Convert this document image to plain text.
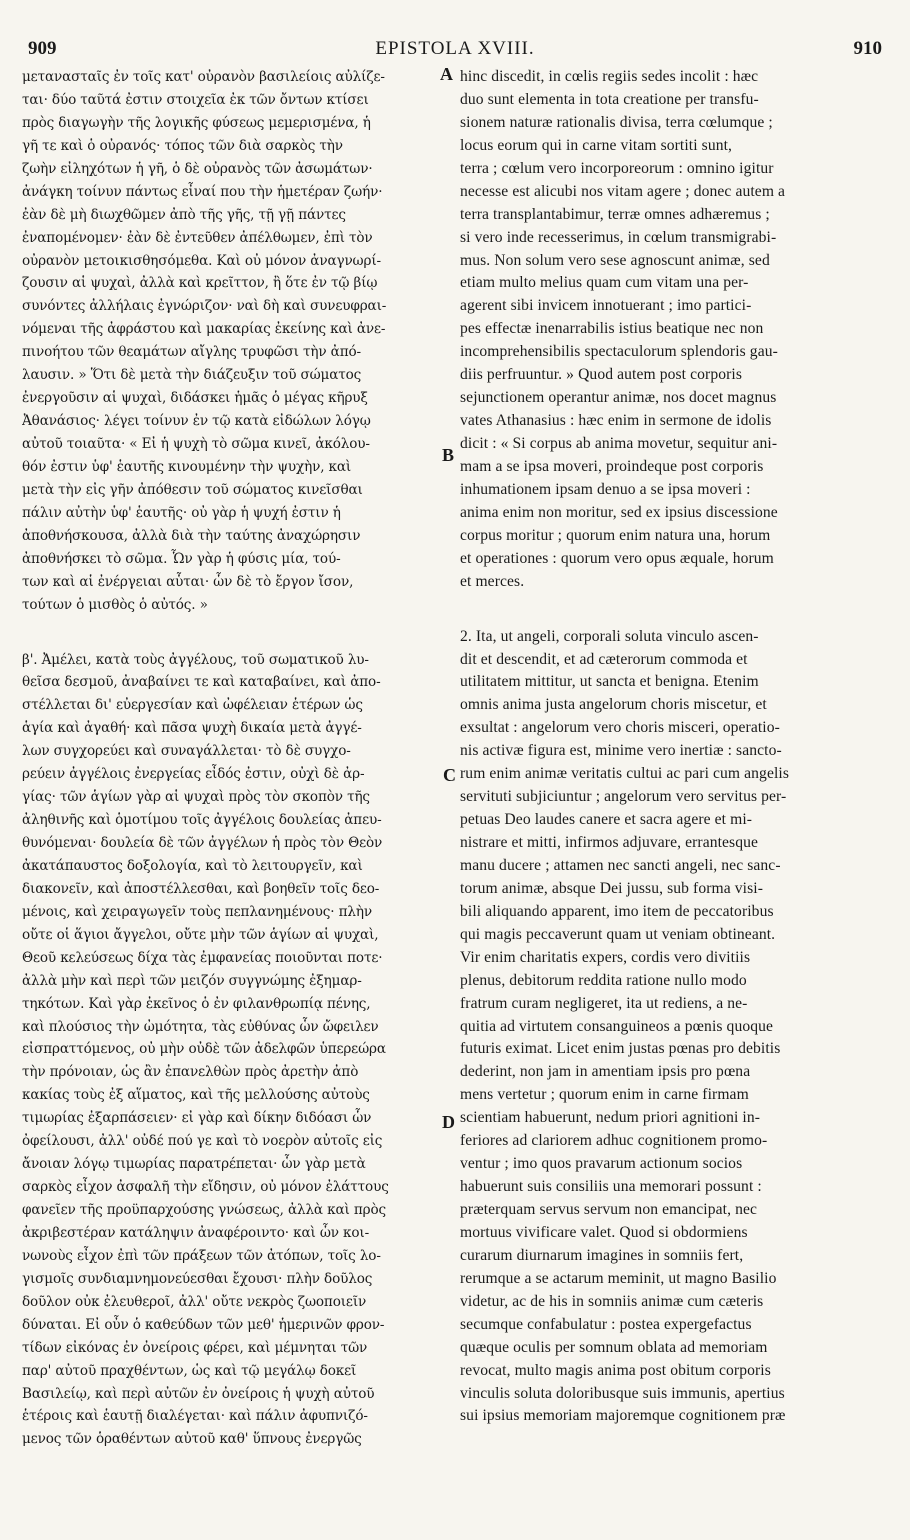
909	EPISTOLA XVIII.	910
A
B
C
D
μετανασταῖς ἐν τοῖς κατ' οὐρανὸν βασιλείοις αὐλίζε-
ται· δύο ταῦτά ἐστιν στοιχεῖα ἐκ τῶν ὄντων κτίσει
πρὸς διαγωγὴν τῆς λογικῆς φύσεως μεμερισμένα, ἡ
γῆ τε καὶ ὁ οὐρανός· τόπος τῶν διὰ σαρκὸς τὴν
ζωὴν εἰληχότων ἡ γῆ, ὁ δὲ οὐρανὸς τῶν ἀσωμάτων·
ἀνάγκη τοίνυν πάντως εἶναί που τὴν ἡμετέραν ζωήν·
ἐὰν δὲ μὴ διωχθῶμεν ἀπὸ τῆς γῆς, τῇ γῇ πάντες
ἐναπομένομεν· ἐὰν δὲ ἐντεῦθεν ἀπέλθωμεν, ἐπὶ τὸν
οὐρανὸν μετοικισθησόμεθα. Καὶ οὐ μόνον ἀναγνωρί-
ζουσιν αἱ ψυχαὶ, ἀλλὰ καὶ κρεῖττον, ἢ ὅτε ἐν τῷ βίῳ
συνόντες ἀλλήλαις ἐγνώριζον· ναὶ δὴ καὶ συνευφραι-
νόμεναι τῆς ἀφράστου καὶ μακαρίας ἐκείνης καὶ ἀνε-
πινοήτου τῶν θεαμάτων αἴγλης τρυφῶσι τὴν ἀπό-
λαυσιν. » Ὅτι δὲ μετὰ τὴν διάζευξιν τοῦ σώματος
ἐνεργοῦσιν αἱ ψυχαὶ, διδάσκει ἡμᾶς ὁ μέγας κῆρυξ
Ἀθανάσιος· λέγει τοίνυν ἐν τῷ κατὰ εἰδώλων λόγῳ
αὐτοῦ τοιαῦτα· « Εἰ ἡ ψυχὴ τὸ σῶμα κινεῖ, ἀκόλου-
θόν ἐστιν ὑφ' ἑαυτῆς κινουμένην τὴν ψυχὴν, καὶ
μετὰ τὴν εἰς γῆν ἀπόθεσιν τοῦ σώματος κινεῖσθαι
πάλιν αὐτὴν ὑφ' ἑαυτῆς· οὐ γὰρ ἡ ψυχή ἐστιν ἡ
ἀποθνήσκουσα, ἀλλὰ διὰ τὴν ταύτης ἀναχώρησιν
ἀποθνήσκει τὸ σῶμα. Ὧν γὰρ ἡ φύσις μία, τού-
των καὶ αἱ ἐνέργειαι αὗται· ὧν δὲ τὸ ἔργον ἴσον,
τούτων ὁ μισθὸς ὁ αὐτός. »
β'. Ἀμέλει, κατὰ τοὺς ἀγγέλους, τοῦ σωματικοῦ λυ-
θεῖσα δεσμοῦ, ἀναβαίνει τε καὶ καταβαίνει, καὶ ἀπο-
στέλλεται δι' εὐεργεσίαν καὶ ὠφέλειαν ἑτέρων ὡς
ἁγία καὶ ἀγαθή· καὶ πᾶσα ψυχὴ δικαία μετὰ ἀγγέ-
λων συγχορεύει καὶ συναγάλλεται· τὸ δὲ συγχο-
ρεύειν ἀγγέλοις ἐνεργείας εἶδός ἐστιν, οὐχὶ δὲ ἀρ-
γίας· τῶν ἁγίων γὰρ αἱ ψυχαὶ πρὸς τὸν σκοπὸν τῆς
ἀληθινῆς καὶ ὁμοτίμου τοῖς ἀγγέλοις δουλείας ἀπευ-
θυνόμεναι· δουλεία δὲ τῶν ἀγγέλων ἡ πρὸς τὸν Θεὸν
ἀκατάπαυστος δοξολογία, καὶ τὸ λειτουργεῖν, καὶ
διακονεῖν, καὶ ἀποστέλλεσθαι, καὶ βοηθεῖν τοῖς δεο-
μένοις, καὶ χειραγωγεῖν τοὺς πεπλανημένους· πλὴν
οὔτε οἱ ἅγιοι ἄγγελοι, οὔτε μὴν τῶν ἁγίων αἱ ψυχαὶ,
Θεοῦ κελεύσεως δίχα τὰς ἐμφανείας ποιοῦνται ποτε·
ἀλλὰ μὴν καὶ περὶ τῶν μειζόν συγγνώμης ἐξημαρ-
τηκότων. Καὶ γὰρ ἐκεῖνος ὁ ἐν φιλανθρωπίᾳ πένης,
καὶ πλούσιος τὴν ὠμότητα, τὰς εὐθύνας ὧν ὤφειλεν
εἰσπραττόμενος, οὐ μὴν οὐδὲ τῶν ἀδελφῶν ὑπερεώρα
τὴν πρόνοιαν, ὡς ἂν ἐπανελθὼν πρὸς ἀρετὴν ἀπὸ
κακίας τοὺς ἐξ αἵματος, καὶ τῆς μελλούσης αὐτοὺς
τιμωρίας ἐξαρπάσειεν· εἰ γὰρ καὶ δίκην διδόασι ὧν
ὀφείλουσι, ἀλλ' οὐδέ πού γε καὶ τὸ νοερὸν αὐτοῖς εἰς
ἄνοιαν λόγῳ τιμωρίας παρατρέπεται· ὧν γὰρ μετὰ
σαρκὸς εἶχον ἀσφαλῆ τὴν εἴδησιν, οὐ μόνον ἐλάττους
φανεῖεν τῆς προϋπαρχούσης γνώσεως, ἀλλὰ καὶ πρὸς
ἀκριβεστέραν κατάληψιν ἀναφέροιντο· καὶ ὧν κοι-
νωνοὺς εἶχον ἐπὶ τῶν πράξεων τῶν ἀτόπων, τοῖς λο-
γισμοῖς συνδιαμνημονεύεσθαι ἔχουσι· πλὴν δοῦλος
δοῦλον οὐκ ἐλευθεροῖ, ἀλλ' οὔτε νεκρὸς ζωοποιεῖν
δύναται. Εἰ οὖν ὁ καθεύδων τῶν μεθ' ἡμερινῶν φρον-
τίδων εἰκόνας ἐν ὀνείροις φέρει, καὶ μέμνηται τῶν
παρ' αὐτοῦ πραχθέντων, ὡς καὶ τῷ μεγάλῳ δοκεῖ
Βασιλείῳ, καὶ περὶ αὐτῶν ἐν ὀνείροις ἡ ψυχὴ αὐτοῦ
ἑτέροις καὶ ἑαυτῇ διαλέγεται· καὶ πάλιν ἀφυπνιζό-
μενος τῶν ὁραθέντων αὐτοῦ καθ' ὕπνους ἐνεργῶς
hinc discedit, in cœlis regiis sedes incolit : hæc
duo sunt elementa in tota creatione per transfu-
sionem naturæ rationalis divisa, terra cœlumque ;
locus eorum qui in carne vitam sortiti sunt,
terra ; cœlum vero incorporeorum : omnino igitur
necesse est alicubi nos vitam agere ; donec autem a
terra transplantabimur, terræ omnes adhæremus ;
si vero inde recesserimus, in cœlum transmigrabi-
mus. Non solum vero sese agnoscunt animæ, sed
etiam multo melius quam cum vitam una per-
agerent sibi invicem innotuerant ; imo partici-
pes effectæ inenarrabilis istius beatique nec non
incomprehensibilis spectaculorum splendoris gau-
diis perfruuntur. » Quod autem post corporis
sejunctionem operantur animæ, nos docet magnus
vates Athanasius : hæc enim in sermone de idolis
dicit : « Si corpus ab anima movetur, sequitur ani-
mam a se ipsa moveri, proindeque post corporis
inhumationem ipsam denuo a se ipsa moveri :
anima enim non moritur, sed ex ipsius discessione
corpus moritur ; quorum enim natura una, horum
et operationes : quorum vero opus æquale, horum
et merces.
2. Ita, ut angeli, corporali soluta vinculo ascen-
dit et descendit, et ad cæterorum commoda et
utilitatem mittitur, ut sancta et benigna. Etenim
omnis anima justa angelorum choris miscetur, et
exsultat : angelorum vero choris misceri, operatio-
nis activæ figura est, minime vero inertiæ : sancto-
rum enim animæ veritatis cultui ac pari cum angelis
servituti subjiciuntur ; angelorum vero servitus per-
petuas Deo laudes canere et sacra agere et mi-
nistrare et mitti, infirmos adjuvare, errantesque
manu ducere ; attamen nec sancti angeli, nec sanc-
torum animæ, absque Dei jussu, sub forma visi-
bili aliquando apparent, imo item de peccatoribus
qui magis peccaverunt quam ut veniam obtineant.
Vir enim charitatis expers, cordis vero divitiis
plenus, debitorum reddita ratione nullo modo
fratrum curam negligeret, ita ut rediens, a ne-
quitia ad virtutem consanguineos a pœnis quoque
futuris eximat. Licet enim justas pœnas pro debitis
dederint, non jam in amentiam ipsis pro pœna
mens vertetur ; quorum enim in carne firmam
scientiam habuerunt, nedum priori agnitioni in-
feriores ad clariorem adhuc cognitionem promo-
ventur ; imo quos pravarum actionum socios
habuerunt suis consiliis una memorari possunt :
præterquam servus servum non emancipat, nec
mortuus vivificare valet. Quod si obdormiens
curarum diurnarum imagines in somniis fert,
rerumque a se actarum meminit, ut magno Basilio
videtur, ac de his in somniis animæ cum cæteris
secumque confabulatur : postea expergefactus
quæque oculis per somnum oblata ad memoriam
revocat, multo magis anima post obitum corporis
vinculis soluta doloribusque suis immunis, apertius
sui ipsius memoriam majoremque cognitionem præ
